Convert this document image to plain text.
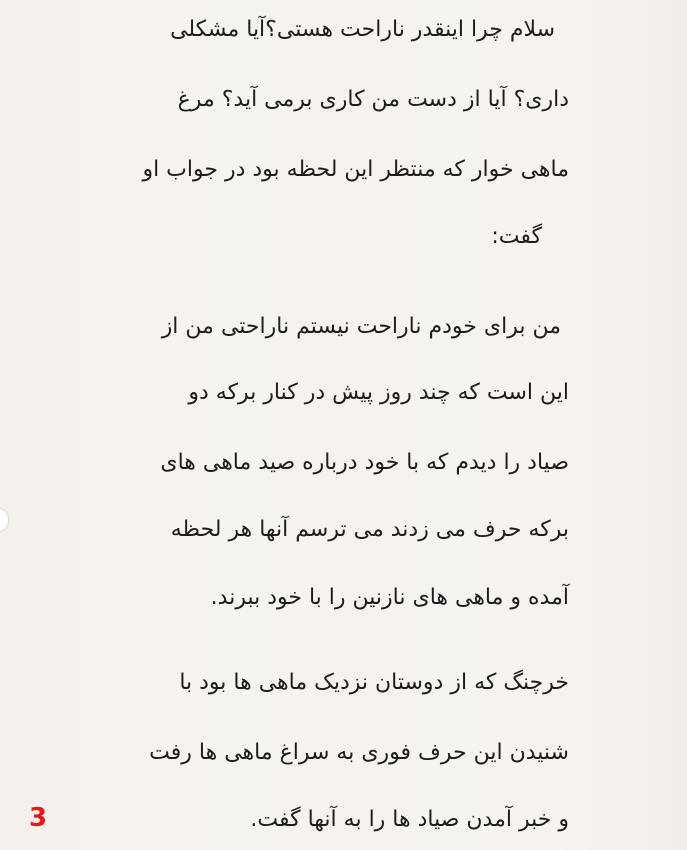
سلام چرا اینقدر ناراحت هستی؟آیا مشکلی
داری؟ آیا از دست من کاری برمی آید؟ مرغ
ماهی خوار که منتظر این لحظه بود در جواب او
گفت:
من برای خودم ناراحت نیستم ناراحتی من از
این است که چند روز پیش در کنار برکه دو
صیاد را دیدم که با خود درباره صید ماهی های
برکه حرف می زدند می ترسم آنها هر لحظه
آمده و ماهی های نازنین را با خود ببرند.
خرچنگ که از دوستان نزدیک ماهی ها بود با
شنیدن این حرف فوری به سراغ ماهی ها رفت
و خبر آمدن صیاد ها را به آنها گفت.
3
